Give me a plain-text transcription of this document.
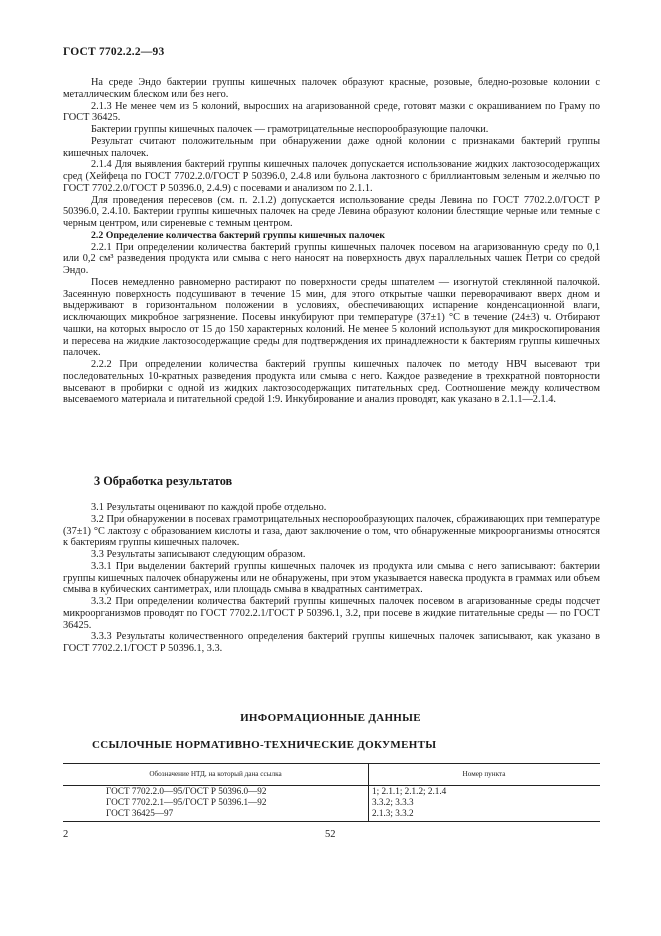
ГОСТ 7702.2.2—93

На среде Эндо бактерии группы кишечных палочек образуют красные, розовые, бледно-розовые колонии с металлическим блеском или без него.

2.1.3 Не менее чем из 5 колоний, выросших на агаризованной среде, готовят мазки с окрашиванием по Граму по ГОСТ 36425.

Бактерии группы кишечных палочек — грамотрицательные неспорообразующие палочки.

Результат считают положительным при обнаружении даже одной колонии с признаками бактерий группы кишечных палочек.

2.1.4 Для выявления бактерий группы кишечных палочек допускается использование жидких лактозосодержащих сред (Хейфеца по ГОСТ 7702.2.0/ГОСТ Р 50396.0, 2.4.8 или бульона лактозного с бриллиантовым зеленым и желчью по ГОСТ 7702.2.0/ГОСТ Р 50396.0, 2.4.9) с посевами и анализом по 2.1.1.

Для проведения пересевов (см. п. 2.1.2) допускается использование среды Левина по ГОСТ 7702.2.0/ГОСТ Р 50396.0, 2.4.10. Бактерии группы кишечных палочек на среде Левина образуют колонии блестящие черные или темные с черным центром, или сиреневые с темным центром.

2.2 Определение количества бактерий группы кишечных палочек

2.2.1 При определении количества бактерий группы кишечных палочек посевом на агаризованную среду по 0,1 или 0,2 см³ разведения продукта или смыва с него наносят на поверхность двух параллельных чашек Петри со средой Эндо.

Посев немедленно равномерно растирают по поверхности среды шпателем — изогнутой стеклянной палочкой. Засеянную поверхность подсушивают в течение 15 мин, для этого открытые чашки переворачивают вверх дном и выдерживают в горизонтальном положении в условиях, обеспечивающих испарение конденсационной влаги, исключающих микробное загрязнение. Посевы инкубируют при температуре (37±1) °С в течение (24±3) ч. Отбирают чашки, на которых выросло от 15 до 150 характерных колоний. Не менее 5 колоний используют для микроскопирования и пересева на жидкие лактозосодержащие среды для подтверждения их принадлежности к бактериям группы кишечных палочек.

2.2.2 При определении количества бактерий группы кишечных палочек по методу НВЧ высевают три последовательных 10-кратных разведения продукта или смыва с него. Каждое разведение в трехкратной повторности высевают в пробирки с одной из жидких лактозосодержащих питательных сред. Соотношение между количеством высеваемого материала и питательной средой 1:9. Инкубирование и анализ проводят, как указано в 2.1.1—2.1.4.

3 Обработка результатов

3.1 Результаты оценивают по каждой пробе отдельно.

3.2 При обнаружении в посевах грамотрицательных неспорообразующих палочек, сбраживающих при температуре (37±1) °С лактозу с образованием кислоты и газа, дают заключение о том, что обнаруженные микроорганизмы относятся к бактериям группы кишечных палочек.

3.3 Результаты записывают следующим образом.

3.3.1 При выделении бактерий группы кишечных палочек из продукта или смыва с него записывают: бактерии группы кишечных палочек обнаружены или не обнаружены, при этом указывается навеска продукта в граммах или объем смыва в кубических сантиметрах, или площадь смыва в квадратных сантиметрах.

3.3.2 При определении количества бактерий группы кишечных палочек посевом в агаризованные среды подсчет микроорганизмов проводят по ГОСТ 7702.2.1/ГОСТ Р 50396.1, 3.2, при посеве в жидкие питательные среды — по ГОСТ 36425.

3.3.3 Результаты количественного определения бактерий группы кишечных палочек записывают, как указано в ГОСТ 7702.2.1/ГОСТ Р 50396.1, 3.3.

ИНФОРМАЦИОННЫЕ ДАННЫЕ
ССЫЛОЧНЫЕ НОРМАТИВНО-ТЕХНИЧЕСКИЕ ДОКУМЕНТЫ
Обозначение НТД, на который дана ссылка	Номер пункта
ГОСТ 7702.2.0—95/ГОСТ Р 50396.0—92	1; 2.1.1; 2.1.2; 2.1.4
ГОСТ 7702.2.1—95/ГОСТ Р 50396.1—92	3.3.2; 3.3.3
ГОСТ 36425—97	2.1.3; 3.3.2
2	52
